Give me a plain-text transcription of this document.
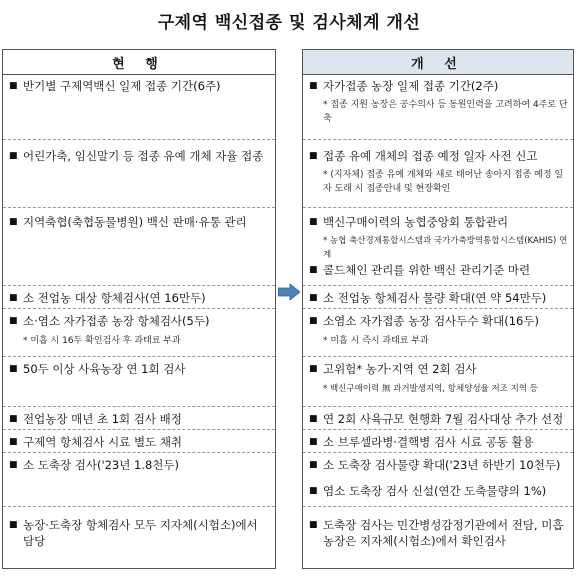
구제역 백신접종 및 검사체계 개선
현 행
■ 반기별 구제역백신 일제 접종 기간(6주)
■ 어린가축, 임신말기 등 접종 유예 개체 자율 접종
■ 지역축협(축협동물병원) 백신 판매·유통 관리
■ 소 전업농 대상 항체검사(연 16만두)
■ 소·염소 자가접종 농장 항체검사(5두)
* 미흡 시 16두 확인검사 후 과태료 부과
■ 50두 이상 사육농장 연 1회 검사
■ 전업농장 매년 초 1회 검사 배정
■ 구제역 항체검사 시료 별도 채취
■ 소 도축장 검사('23년 1.8천두)
■ 농장·도축장 항체검사 모두 지자체(시험소)에서 담당
개 선
■ 자가접종 농장 일제 접종 기간(2주)
* 접종 지원 농장은 공수의사 등 동원인력을 고려하여 4주로 단축
■ 접종 유예 개체의 접종 예정 일자 사전 신고
* (지자체) 접종 유예 개체와 새로 태어난 송아지 접종 예정 일자 도래 시 접종안내 및 현장확인
■ 백신구매이력의 농협중앙회 통합관리
* 농협 축산경제통합시스템과 국가가축방역통합시스템(KAHIS) 연계
■ 콜드체인 관리를 위한 백신 관리기준 마련
■ 소 전업농 항체검사 물량 확대(연 약 54만두)
■ 소염소 자가접종 농장 검사두수 확대(16두)
* 미흡 시 즉시 과태료 부과
■ 고위험* 농가·지역 연 2회 검사
* 백신구매이력 無 과거발생지역, 항체양성율 저조 지역 등
■ 연 2회 사육규모 현행화 7월 검사대상 추가 선정
■ 소 브루셀라병·결핵병 검사 시료 공동 활용
■ 소 도축장 검사물량 확대('23년 하반기 10천두)
■ 염소 도축장 검사 신설(연간 도축물량의 1%)
■ 도축장 검사는 민간병성감정기관에서 전담, 미흡 농장은 지자체(시험소)에서 확인검사
